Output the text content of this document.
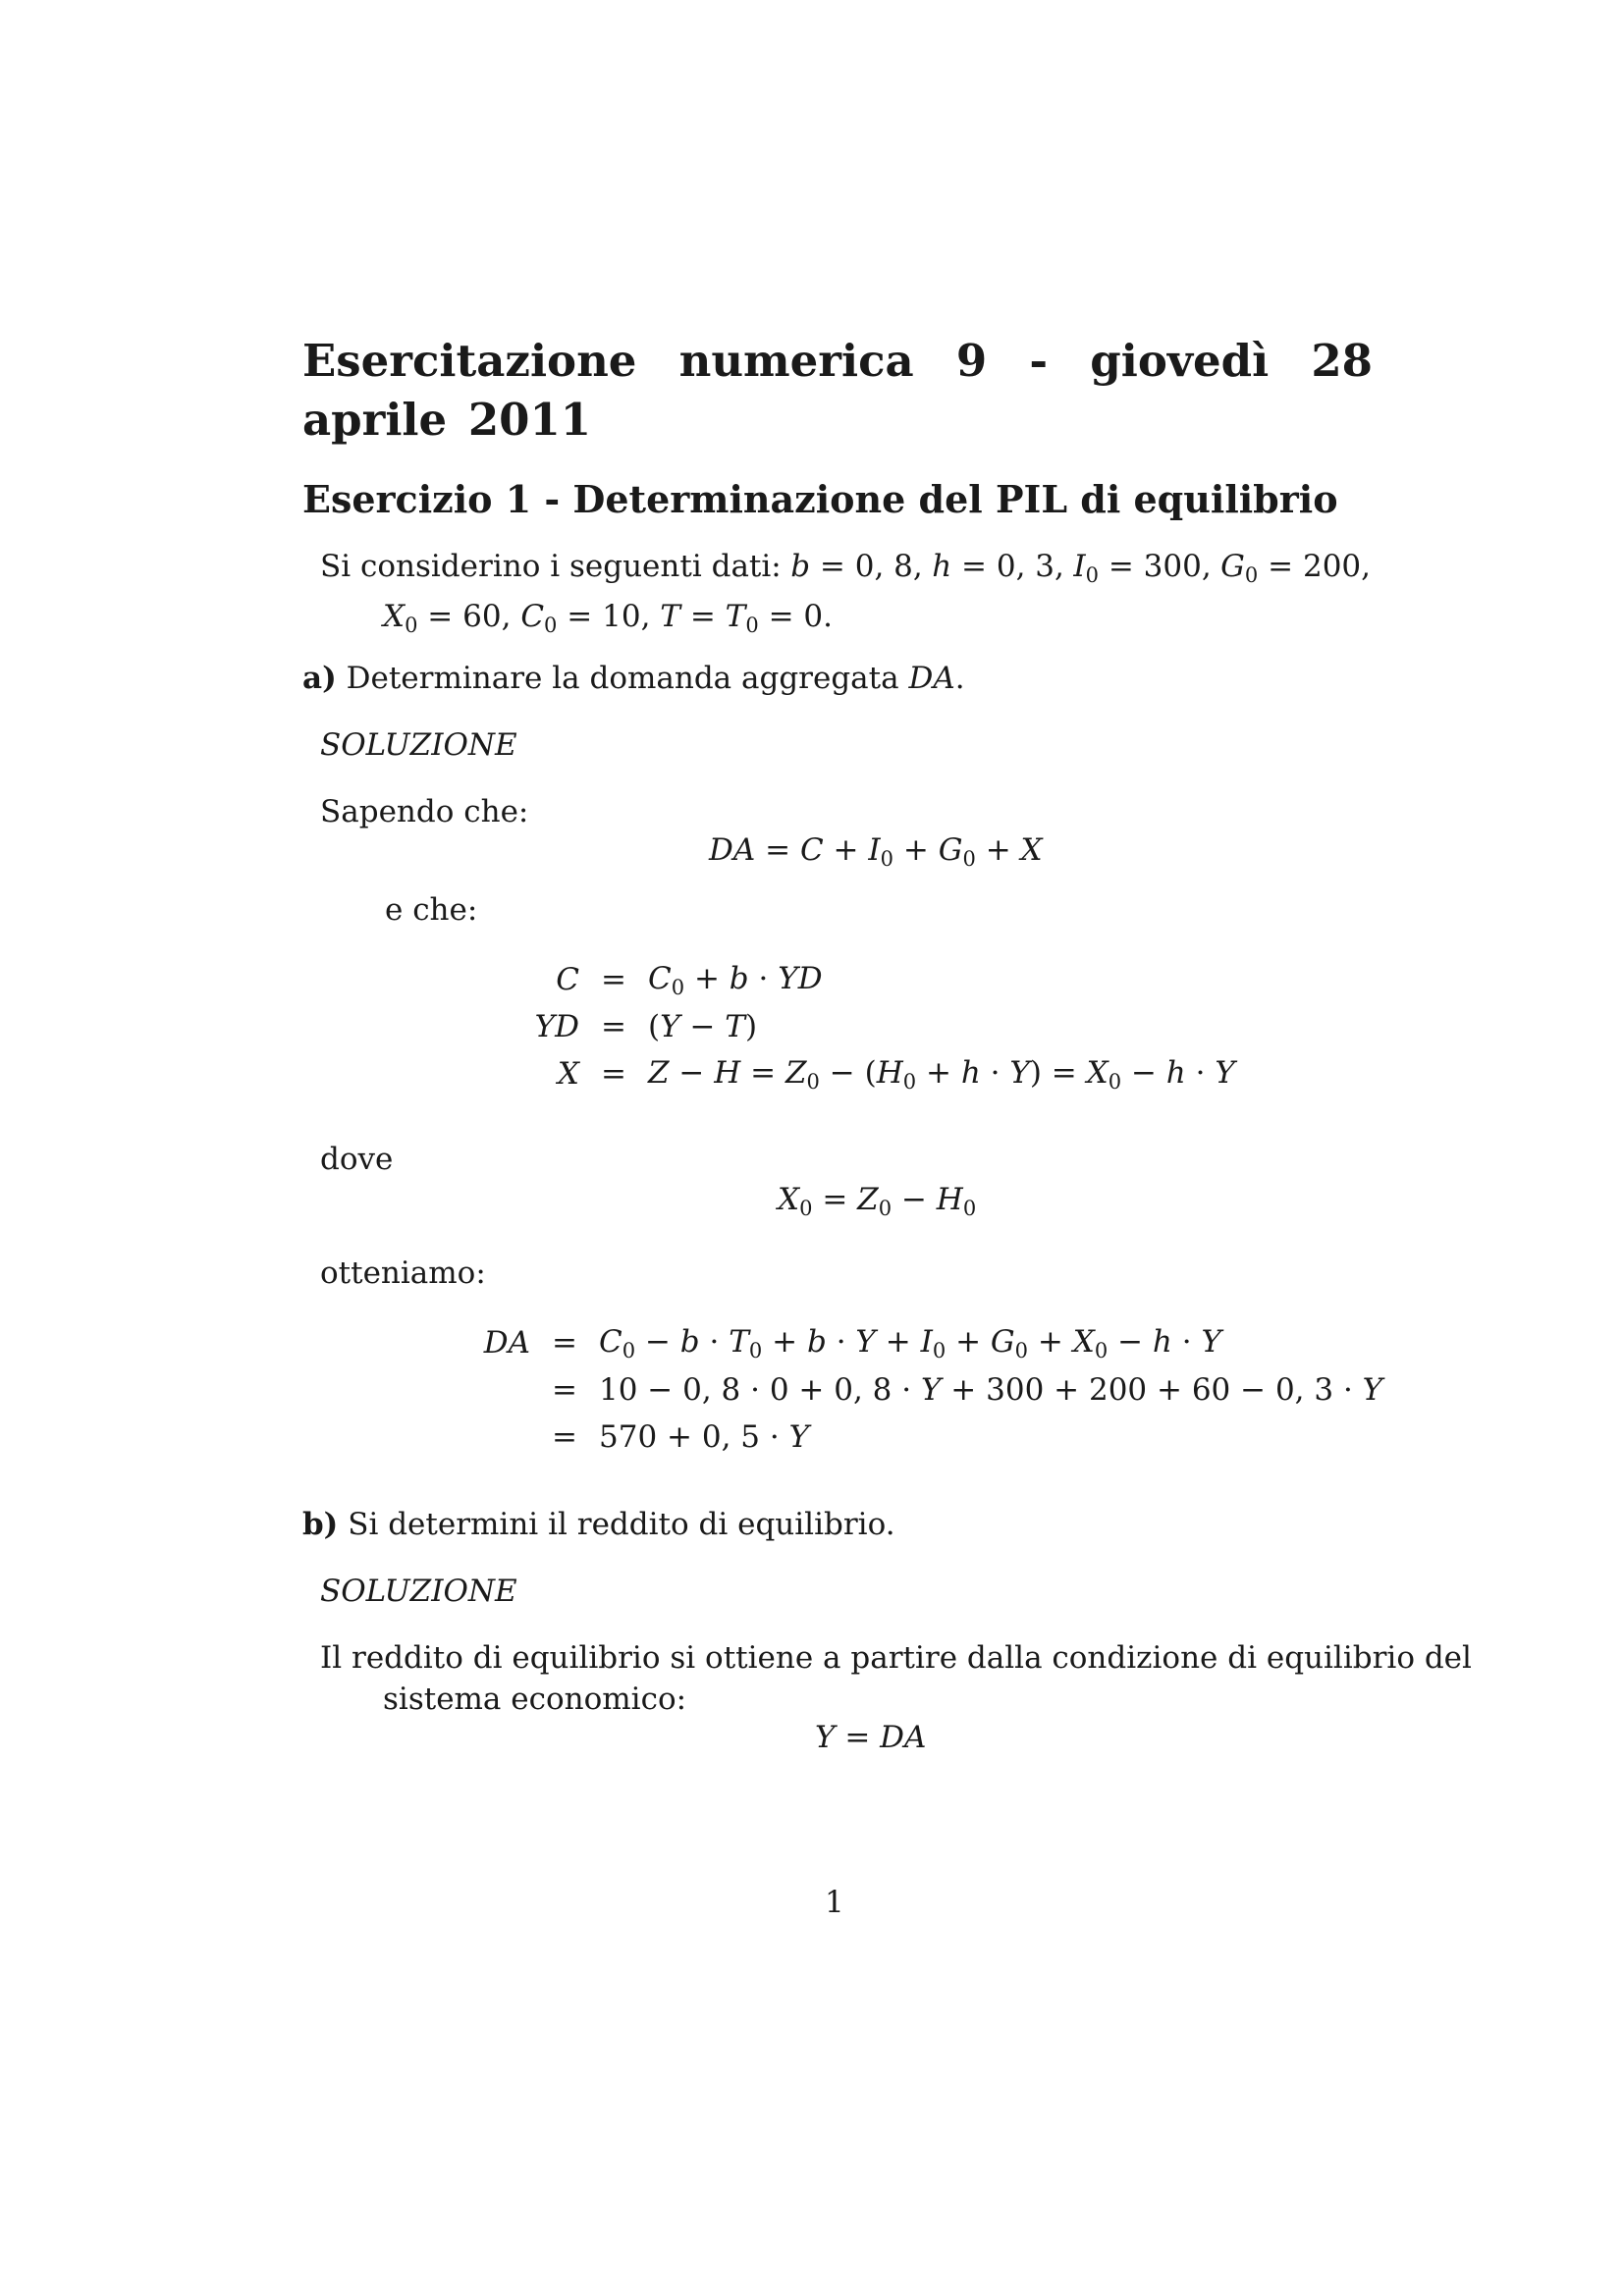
Esercitazione numerica 9 - giovedì 28 aprile 2011
Esercizio 1 - Determinazione del PIL di equilibrio
Si considerino i seguenti dati: b = 0, 8, h = 0, 3, $I_0 = 300$, $G_0 = 200$,
$X_0 = 60$, $C_0 = 10$, $T = T_0 = 0$.
a) Determinare la domanda aggregata DA.
SOLUZIONE
Sapendo che:
DA = $C + I_0 + G_0 + X$
e che:
$C = C_0 + b$ · YD
YD = (Y − T)
$X = Z - H = Z_0 - (H_0 + h \cdot Y) = X_0 - h \cdot Y$
dove
$X_0 = Z_0 - H_0$
otteniamo:
DA = $C_0 - b \cdot T_0 + b \cdot Y + I_0 + G_0 + X_0 - h \cdot Y$
= 10 − 0, 8 · 0 + 0, 8 · Y + 300 + 200 + 60 − 0, 3 · Y
= 570 + 0, 5 · Y
b) Si determini il reddito di equilibrio.
SOLUZIONE
Il reddito di equilibrio si ottiene a partire dalla condizione di equilibrio del
sistema economico:
Y = DA
1
